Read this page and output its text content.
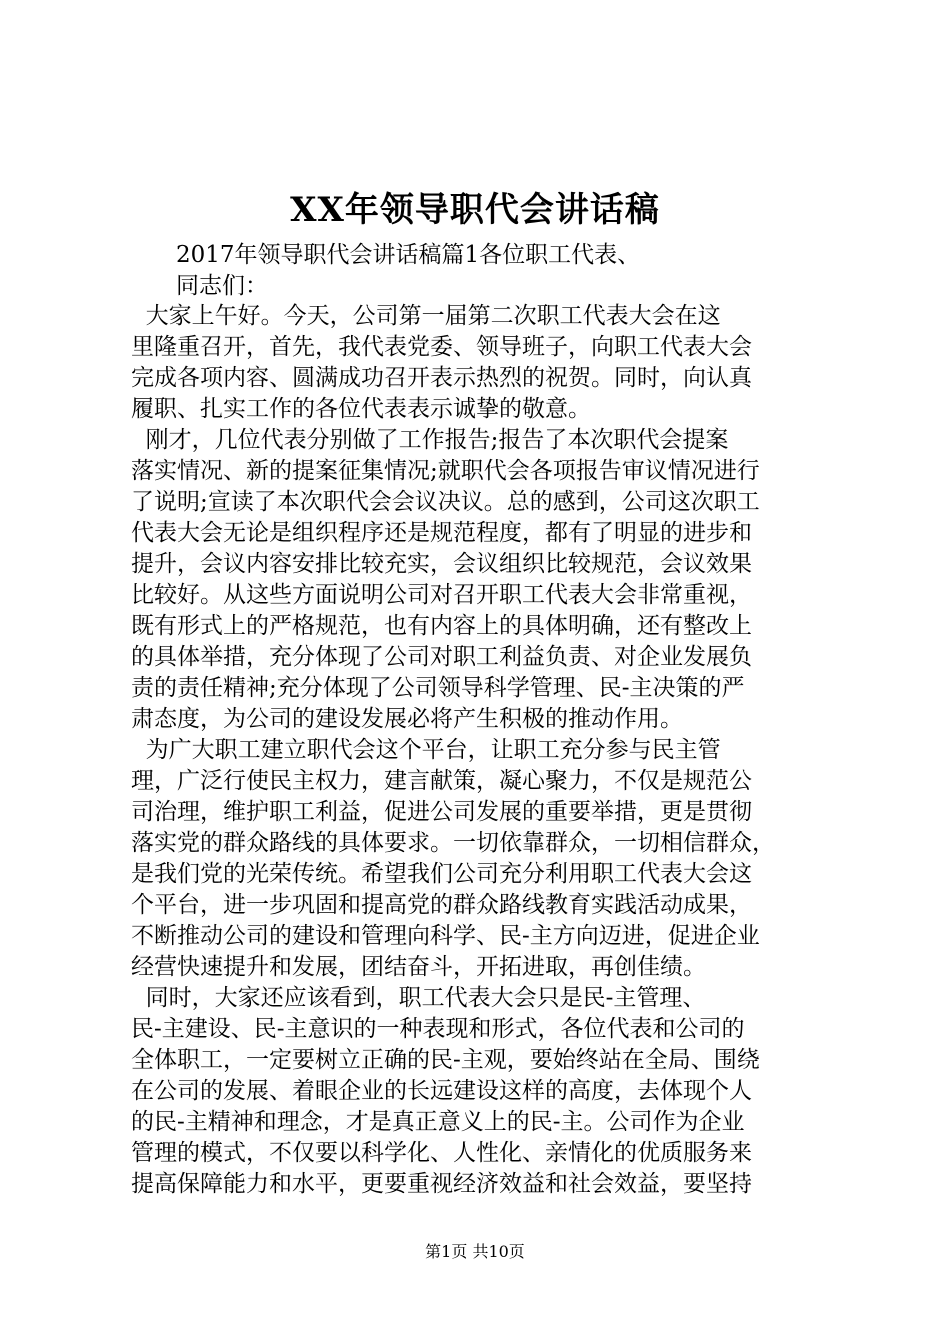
XX年领导职代会讲话稿
2017年领导职代会讲话稿篇1各位职工代表、
同志们：
大家上午好。今天，公司第一届第二次职工代表大会在这
里隆重召开，首先，我代表党委、领导班子，向职工代表大会
完成各项内容、圆满成功召开表示热烈的祝贺。同时，向认真
履职、扎实工作的各位代表表示诚挚的敬意。
刚才，几位代表分别做了工作报告;报告了本次职代会提案
落实情况、新的提案征集情况;就职代会各项报告审议情况进行
了说明;宣读了本次职代会会议决议。总的感到，公司这次职工
代表大会无论是组织程序还是规范程度，都有了明显的进步和
提升，会议内容安排比较充实，会议组织比较规范，会议效果
比较好。从这些方面说明公司对召开职工代表大会非常重视，
既有形式上的严格规范，也有内容上的具体明确，还有整改上
的具体举措，充分体现了公司对职工利益负责、对企业发展负
责的责任精神;充分体现了公司领导科学管理、民-主决策的严
肃态度，为公司的建设发展必将产生积极的推动作用。
为广大职工建立职代会这个平台，让职工充分参与民主管
理，广泛行使民主权力，建言献策，凝心聚力，不仅是规范公
司治理，维护职工利益，促进公司发展的重要举措，更是贯彻
落实党的群众路线的具体要求。一切依靠群众，一切相信群众，
是我们党的光荣传统。希望我们公司充分利用职工代表大会这
个平台，进一步巩固和提高党的群众路线教育实践活动成果，
不断推动公司的建设和管理向科学、民-主方向迈进，促进企业
经营快速提升和发展，团结奋斗，开拓进取，再创佳绩。
同时，大家还应该看到，职工代表大会只是民-主管理、
民-主建设、民-主意识的一种表现和形式，各位代表和公司的
全体职工，一定要树立正确的民-主观，要始终站在全局、围绕
在公司的发展、着眼企业的长远建设这样的高度，去体现个人
的民-主精神和理念，才是真正意义上的民-主。公司作为企业
管理的模式，不仅要以科学化、人性化、亲情化的优质服务来
提高保障能力和水平，更要重视经济效益和社会效益，要坚持
第1页 共10页
